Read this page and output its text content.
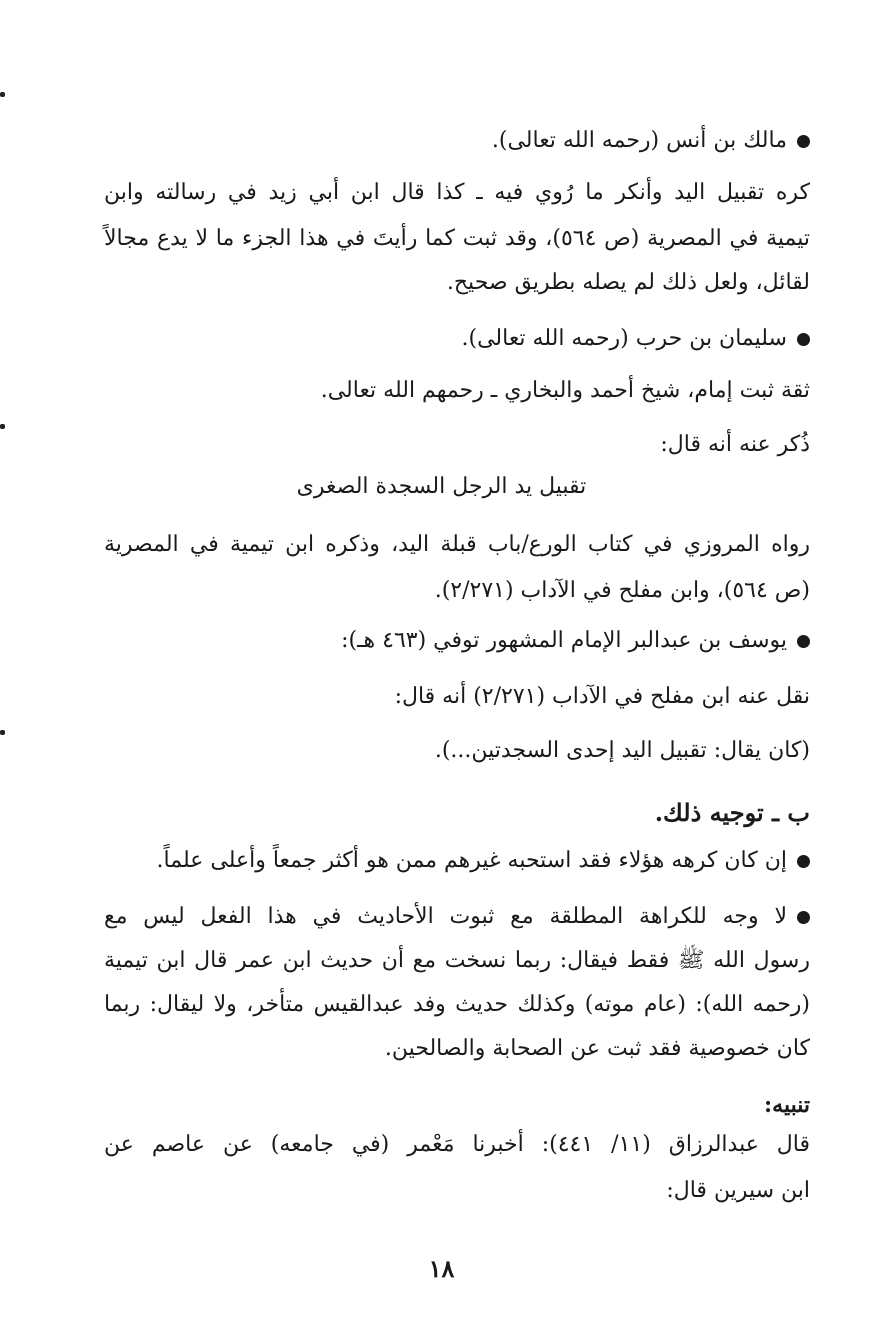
مالك بن أنس (رحمه الله تعالى).
كره تقبيل اليد وأنكر ما رُوي فيه ـ كذا قال ابن أبي زيد في رسالته وابن
تيمية في المصرية (ص ٥٦٤)، وقد ثبت كما رأيتَ في هذا الجزء ما لا يدع مجالاً
لقائل، ولعل ذلك لم يصله بطريق صحيح.
سليمان بن حرب (رحمه الله تعالى).
ثقة ثبت إمام، شيخ أحمد والبخاري ـ رحمهم الله تعالى.
ذُكر عنه أنه قال:
تقبيل يد الرجل السجدة الصغرى
رواه المروزي في كتاب الورع/باب قبلة اليد، وذكره ابن تيمية في المصرية
(ص ٥٦٤)، وابن مفلح في الآداب (٢/٢٧١).
يوسف بن عبدالبر الإمام المشهور توفي (٤٦٣ هـ):
نقل عنه ابن مفلح في الآداب (٢/٢٧١) أنه قال:
(كان يقال: تقبيل اليد إحدى السجدتين...).
ب ـ توجيه ذلك.
إن كان كرهه هؤلاء فقد استحبه غيرهم ممن هو أكثر جمعاً وأعلى علماً.
لا وجه للكراهة المطلقة مع ثبوت الأحاديث في هذا الفعل ليس مع
رسول الله ﷺ فقط فيقال: ربما نسخت مع أن حديث ابن عمر قال ابن تيمية
(رحمه الله): (عام موته) وكذلك حديث وفد عبدالقيس متأخر، ولا ليقال: ربما
كان خصوصية فقد ثبت عن الصحابة والصالحين.
تنبيه:
قال عبدالرزاق (١١/ ٤٤١): أخبرنا مَعْمر (في جامعه) عن عاصم عن
ابن سيرين قال:
١٨
